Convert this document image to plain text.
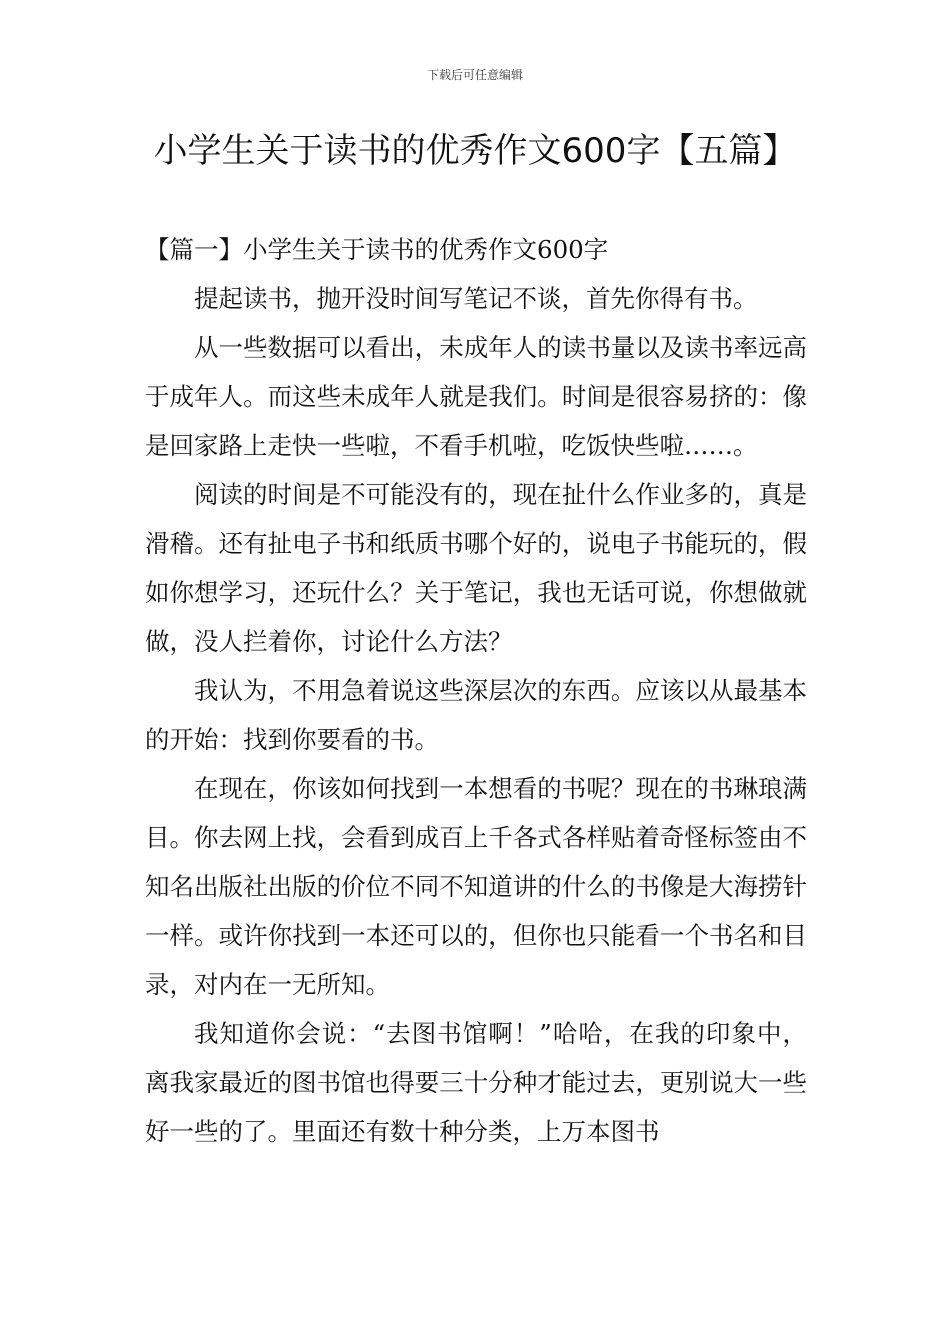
下载后可任意编辑
小学生关于读书的优秀作文600字【五篇】

【篇一】小学生关于读书的优秀作文600字

提起读书，抛开没时间写笔记不谈，首先你得有书。

从一些数据可以看出，未成年人的读书量以及读书率远高于成年人。而这些未成年人就是我们。时间是很容易挤的：像是回家路上走快一些啦，不看手机啦，吃饭快些啦……。

阅读的时间是不可能没有的，现在扯什么作业多的，真是滑稽。还有扯电子书和纸质书哪个好的，说电子书能玩的，假如你想学习，还玩什么？关于笔记，我也无话可说，你想做就做，没人拦着你，讨论什么方法？

我认为，不用急着说这些深层次的东西。应该以从最基本的开始：找到你要看的书。

在现在，你该如何找到一本想看的书呢？现在的书琳琅满目。你去网上找，会看到成百上千各式各样贴着奇怪标签由不知名出版社出版的价位不同不知道讲的什么的书像是大海捞针一样。或许你找到一本还可以的，但你也只能看一个书名和目录，对内在一无所知。

我知道你会说：“去图书馆啊！”哈哈，在我的印象中，离我家最近的图书馆也得要三十分种才能过去，更别说大一些好一些的了。里面还有数十种分类，上万本图书
